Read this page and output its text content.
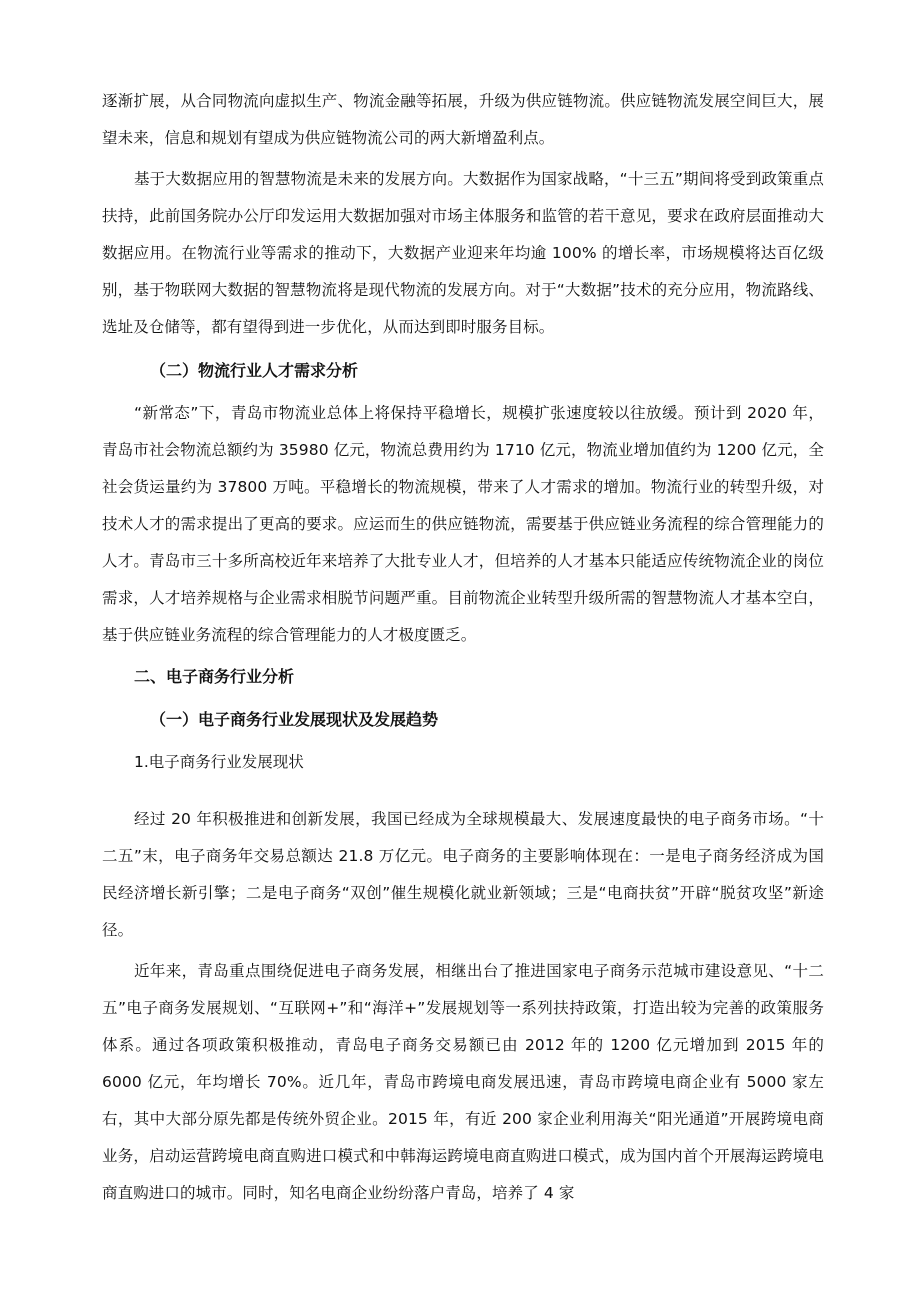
逐渐扩展，从合同物流向虚拟生产、物流金融等拓展，升级为供应链物流。供应链物流发展空间巨大，展望未来，信息和规划有望成为供应链物流公司的两大新增盈利点。

基于大数据应用的智慧物流是未来的发展方向。大数据作为国家战略，“十三五”期间将受到政策重点扶持，此前国务院办公厅印发运用大数据加强对市场主体服务和监管的若干意见，要求在政府层面推动大数据应用。在物流行业等需求的推动下，大数据产业迎来年均逾 100% 的增长率，市场规模将达百亿级别，基于物联网大数据的智慧物流将是现代物流的发展方向。对于“大数据”技术的充分应用，物流路线、选址及仓储等，都有望得到进一步优化，从而达到即时服务目标。

（二）物流行业人才需求分析

“新常态”下，青岛市物流业总体上将保持平稳增长，规模扩张速度较以往放缓。预计到 2020 年，青岛市社会物流总额约为 35980 亿元，物流总费用约为 1710 亿元，物流业增加值约为 1200 亿元，全社会货运量约为 37800 万吨。平稳增长的物流规模，带来了人才需求的增加。物流行业的转型升级，对技术人才的需求提出了更高的要求。应运而生的供应链物流，需要基于供应链业务流程的综合管理能力的人才。青岛市三十多所高校近年来培养了大批专业人才，但培养的人才基本只能适应传统物流企业的岗位需求，人才培养规格与企业需求相脱节问题严重。目前物流企业转型升级所需的智慧物流人才基本空白，基于供应链业务流程的综合管理能力的人才极度匮乏。

二、电子商务行业分析
（一）电子商务行业发展现状及发展趋势
1.电子商务行业发展现状

经过 20 年积极推进和创新发展，我国已经成为全球规模最大、发展速度最快的电子商务市场。“十二五”末，电子商务年交易总额达 21.8 万亿元。电子商务的主要影响体现在：一是电子商务经济成为国民经济增长新引擎；二是电子商务“双创”催生规模化就业新领域；三是“电商扶贫”开辟“脱贫攻坚”新途径。

近年来，青岛重点围绕促进电子商务发展，相继出台了推进国家电子商务示范城市建设意见、“十二五”电子商务发展规划、“互联网+”和“海洋+”发展规划等一系列扶持政策，打造出较为完善的政策服务体系。通过各项政策积极推动，青岛电子商务交易额已由 2012 年的 1200 亿元增加到 2015 年的 6000 亿元，年均增长 70%。近几年，青岛市跨境电商发展迅速，青岛市跨境电商企业有 5000 家左右，其中大部分原先都是传统外贸企业。2015 年，有近 200 家企业利用海关“阳光通道”开展跨境电商业务，启动运营跨境电商直购进口模式和中韩海运跨境电商直购进口模式，成为国内首个开展海运跨境电商直购进口的城市。同时，知名电商企业纷纷落户青岛，培养了 4 家
